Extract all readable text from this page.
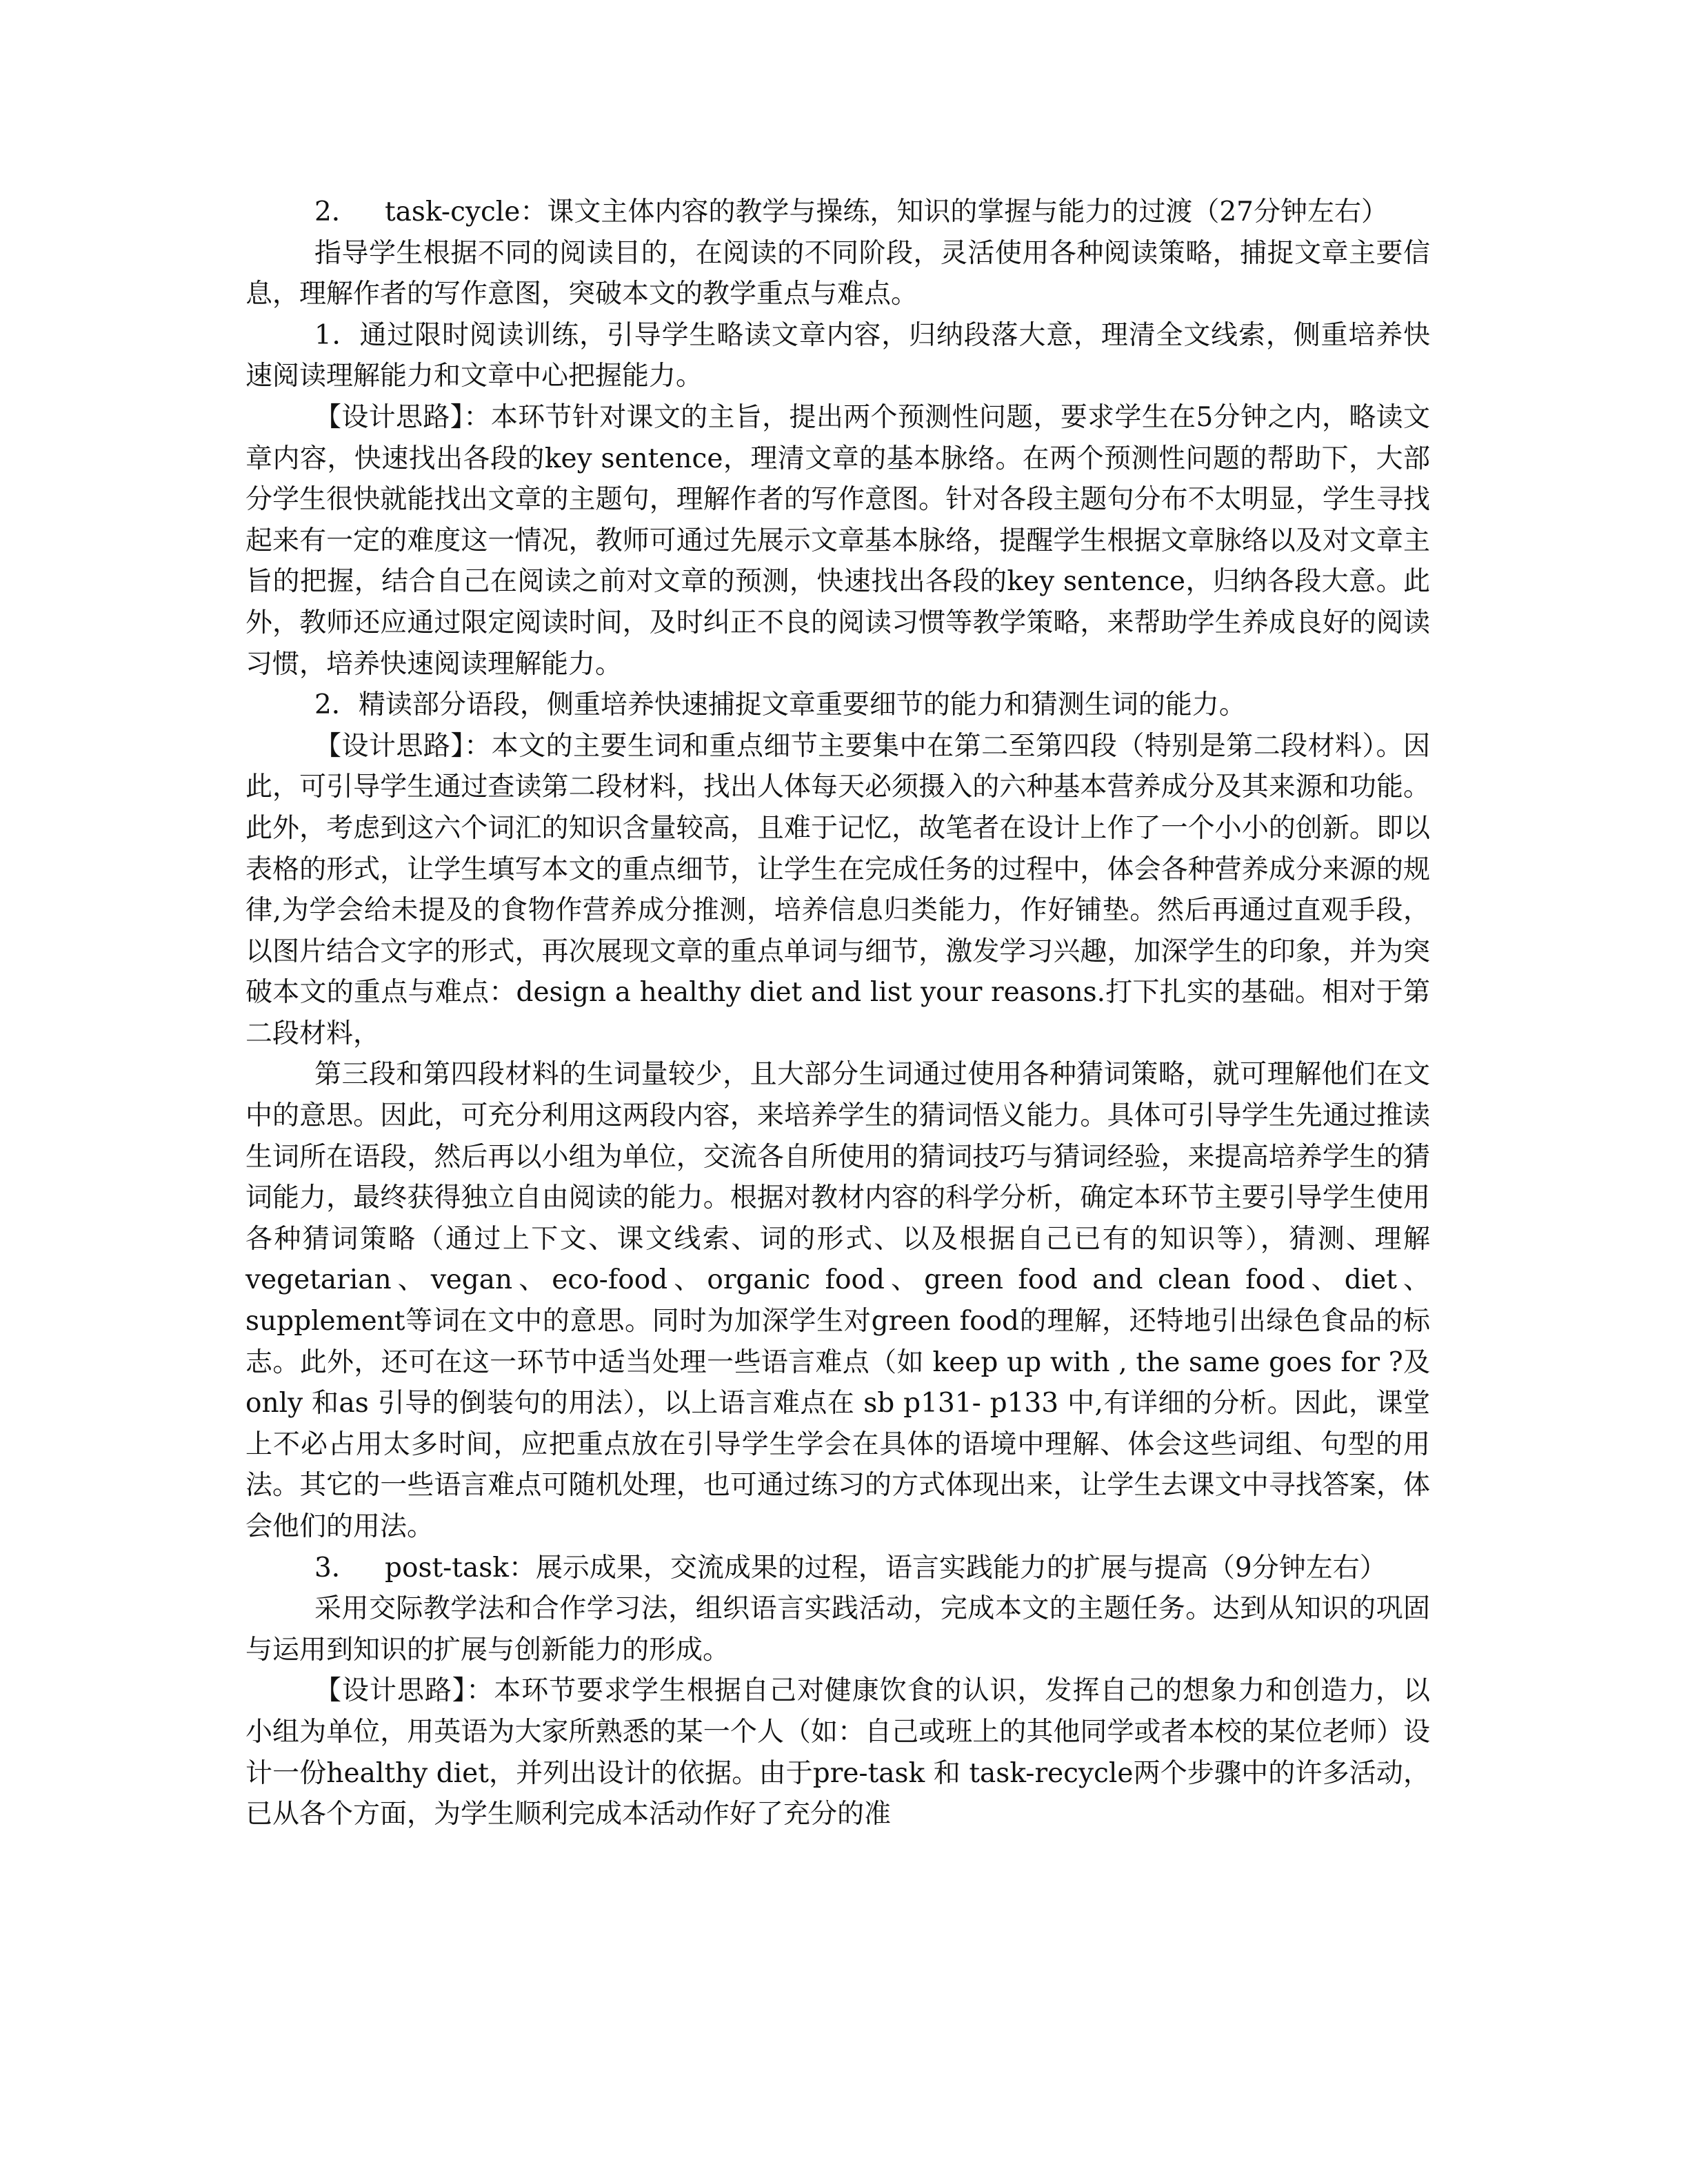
2． task-cycle：课文主体内容的教学与操练，知识的掌握与能力的过渡（27分钟左右）

指导学生根据不同的阅读目的，在阅读的不同阶段，灵活使用各种阅读策略，捕捉文章主要信息，理解作者的写作意图，突破本文的教学重点与难点。

1．通过限时阅读训练，引导学生略读文章内容，归纳段落大意，理清全文线索，侧重培养快速阅读理解能力和文章中心把握能力。

【设计思路】：本环节针对课文的主旨，提出两个预测性问题，要求学生在5分钟之内，略读文章内容，快速找出各段的key sentence，理清文章的基本脉络。在两个预测性问题的帮助下，大部分学生很快就能找出文章的主题句，理解作者的写作意图。针对各段主题句分布不太明显，学生寻找起来有一定的难度这一情况，教师可通过先展示文章基本脉络，提醒学生根据文章脉络以及对文章主旨的把握，结合自己在阅读之前对文章的预测，快速找出各段的key sentence，归纳各段大意。此外，教师还应通过限定阅读时间，及时纠正不良的阅读习惯等教学策略，来帮助学生养成良好的阅读习惯，培养快速阅读理解能力。

2．精读部分语段，侧重培养快速捕捉文章重要细节的能力和猜测生词的能力。

【设计思路】：本文的主要生词和重点细节主要集中在第二至第四段（特别是第二段材料）。因此，可引导学生通过查读第二段材料，找出人体每天必须摄入的六种基本营养成分及其来源和功能。此外，考虑到这六个词汇的知识含量较高，且难于记忆，故笔者在设计上作了一个小小的创新。即以表格的形式，让学生填写本文的重点细节，让学生在完成任务的过程中，体会各种营养成分来源的规律,为学会给未提及的食物作营养成分推测，培养信息归类能力，作好铺垫。然后再通过直观手段，以图片结合文字的形式，再次展现文章的重点单词与细节，激发学习兴趣，加深学生的印象，并为突破本文的重点与难点：design a healthy diet and list your reasons.打下扎实的基础。相对于第二段材料，

第三段和第四段材料的生词量较少，且大部分生词通过使用各种猜词策略，就可理解他们在文中的意思。因此，可充分利用这两段内容，来培养学生的猜词悟义能力。具体可引导学生先通过推读生词所在语段，然后再以小组为单位，交流各自所使用的猜词技巧与猜词经验，来提高培养学生的猜词能力，最终获得独立自由阅读的能力。根据对教材内容的科学分析，确定本环节主要引导学生使用各种猜词策略（通过上下文、课文线索、词的形式、以及根据自己已有的知识等），猜测、理解vegetarian、vegan、eco-food、organic food、green food and clean food、diet、supplement等词在文中的意思。同时为加深学生对green food的理解，还特地引出绿色食品的标志。此外，还可在这一环节中适当处理一些语言难点（如 keep up with , the same goes for ?及only 和as 引导的倒装句的用法），以上语言难点在 sb p131- p133 中,有详细的分析。因此，课堂上不必占用太多时间，应把重点放在引导学生学会在具体的语境中理解、体会这些词组、句型的用法。其它的一些语言难点可随机处理，也可通过练习的方式体现出来，让学生去课文中寻找答案，体会他们的用法。

3． post-task：展示成果，交流成果的过程，语言实践能力的扩展与提高（9分钟左右）

采用交际教学法和合作学习法，组织语言实践活动，完成本文的主题任务。达到从知识的巩固与运用到知识的扩展与创新能力的形成。

【设计思路】：本环节要求学生根据自己对健康饮食的认识，发挥自己的想象力和创造力，以小组为单位，用英语为大家所熟悉的某一个人（如：自己或班上的其他同学或者本校的某位老师）设计一份healthy diet，并列出设计的依据。由于pre-task 和 task-recycle两个步骤中的许多活动，已从各个方面，为学生顺利完成本活动作好了充分的准
